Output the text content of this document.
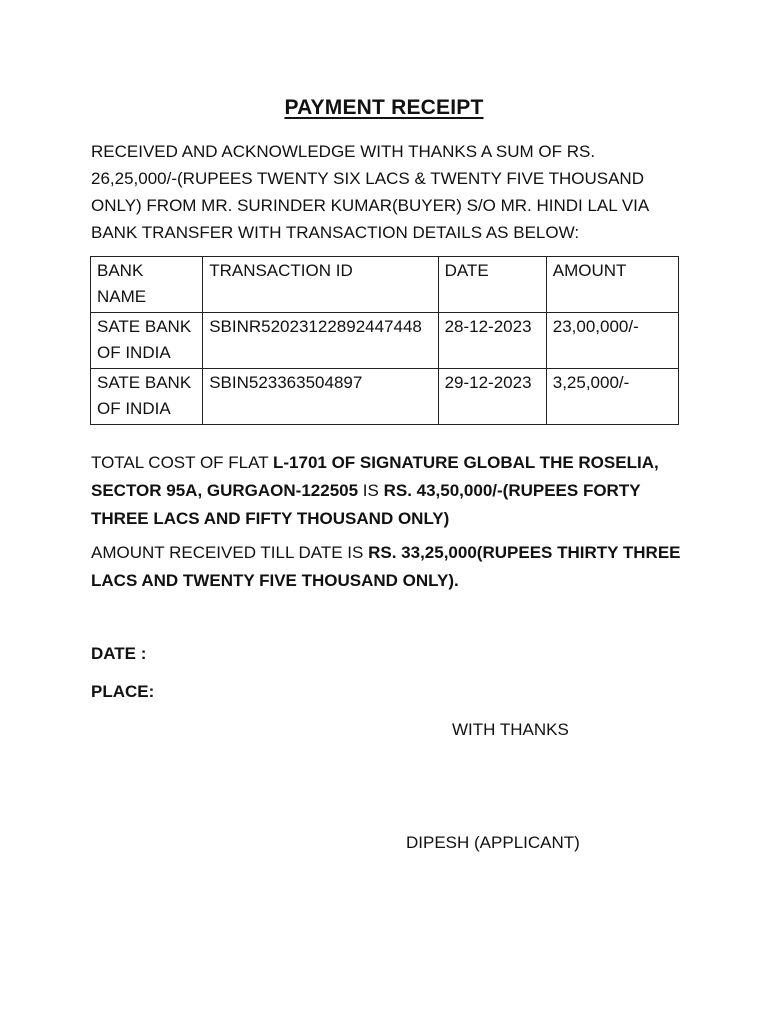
PAYMENT RECEIPT

RECEIVED AND ACKNOWLEDGE WITH THANKS A SUM OF RS. 26,25,000/-(RUPEES TWENTY SIX LACS & TWENTY FIVE THOUSAND ONLY) FROM MR. SURINDER KUMAR(BUYER) S/O MR. HINDI LAL VIA BANK TRANSFER WITH TRANSACTION DETAILS AS BELOW:

BANK NAME	TRANSACTION ID	DATE	AMOUNT
SATE BANK OF INDIA	SBINR52023122892447448	28-12-2023	23,00,000/-
SATE BANK OF INDIA	SBIN523363504897	29-12-2023	3,25,000/-

TOTAL COST OF FLAT L-1701 OF SIGNATURE GLOBAL THE ROSELIA, SECTOR 95A, GURGAON-122505 IS RS. 43,50,000/-(RUPEES FORTY THREE LACS AND FIFTY THOUSAND ONLY)

AMOUNT RECEIVED TILL DATE IS RS. 33,25,000(RUPEES THIRTY THREE LACS AND TWENTY FIVE THOUSAND ONLY).

DATE :
PLACE:
WITH THANKS
DIPESH (APPLICANT)
